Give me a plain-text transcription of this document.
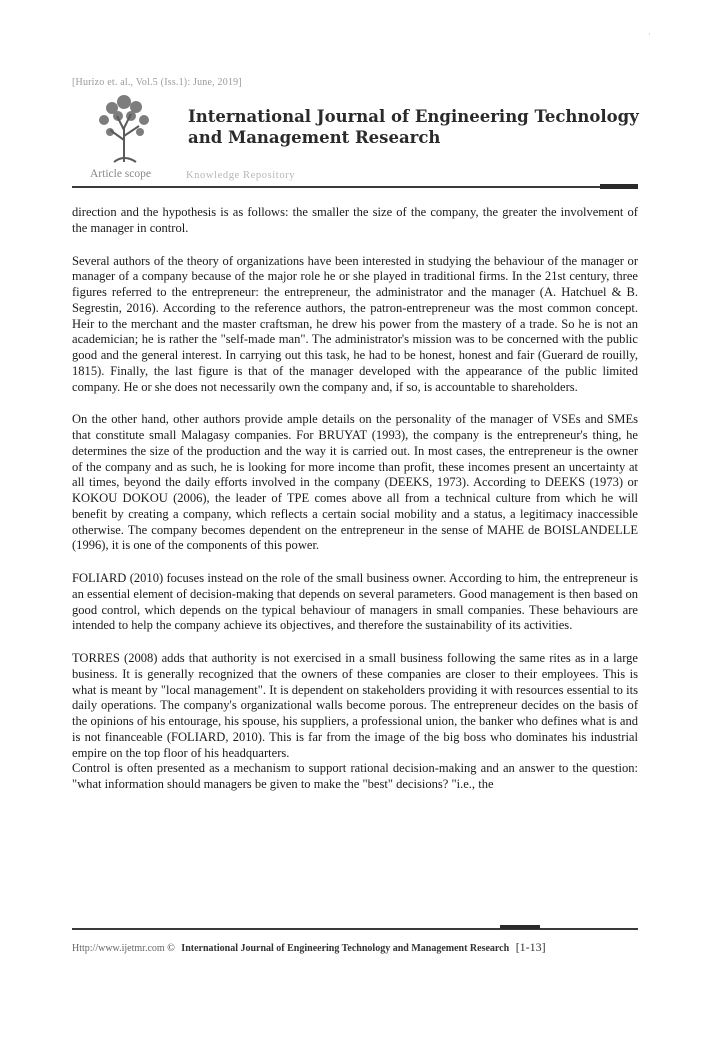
·
[Hurizo et. al., Vol.5 (Iss.1): June, 2019]
Article scope	Knowledge Repository
International Journal of Engineering Technology and Management Research

direction and the hypothesis is as follows: the smaller the size of the company, the greater the involvement of the manager in control.

Several authors of the theory of organizations have been interested in studying the behaviour of the manager or manager of a company because of the major role he or she played in traditional firms. In the 21st century, three figures referred to the entrepreneur: the entrepreneur, the administrator and the manager (A. Hatchuel & B. Segrestin, 2016). According to the reference authors, the patron-entrepreneur was the most common concept. Heir to the merchant and the master craftsman, he drew his power from the mastery of a trade. So he is not an academician; he is rather the "self-made man". The administrator's mission was to be concerned with the public good and the general interest. In carrying out this task, he had to be honest, honest and fair (Guerard de rouilly, 1815). Finally, the last figure is that of the manager developed with the appearance of the public limited company. He or she does not necessarily own the company and, if so, is accountable to shareholders.

On the other hand, other authors provide ample details on the personality of the manager of VSEs and SMEs that constitute small Malagasy companies. For BRUYAT (1993), the company is the entrepreneur's thing, he determines the size of the production and the way it is carried out. In most cases, the entrepreneur is the owner of the company and as such, he is looking for more income than profit, these incomes present an uncertainty at all times, beyond the daily efforts involved in the company (DEEKS, 1973). According to DEEKS (1973) or KOKOU DOKOU (2006), the leader of TPE comes above all from a technical culture from which he will benefit by creating a company, which reflects a certain social mobility and a status, a legitimacy inaccessible otherwise. The company becomes dependent on the entrepreneur in the sense of MAHE de BOISLANDELLE (1996), it is one of the components of this power.

FOLIARD (2010) focuses instead on the role of the small business owner. According to him, the entrepreneur is an essential element of decision-making that depends on several parameters. Good management is then based on good control, which depends on the typical behaviour of managers in small companies. These behaviours are intended to help the company achieve its objectives, and therefore the sustainability of its activities.

TORRES (2008) adds that authority is not exercised in a small business following the same rites as in a large business. It is generally recognized that the owners of these companies are closer to their employees. This is what is meant by "local management". It is dependent on stakeholders providing it with resources essential to its daily operations. The company's organizational walls become porous. The entrepreneur decides on the basis of the opinions of his entourage, his spouse, his suppliers, a professional union, the banker who defines what is and is not financeable (FOLIARD, 2010). This is far from the image of the big boss who dominates his industrial empire on the top floor of his headquarters.

Control is often presented as a mechanism to support rational decision-making and an answer to the question: "what information should managers be given to make the "best" decisions? "i.e., the

Http://www.ijetmr.com © International Journal of Engineering Technology and Management Research [1-13]
